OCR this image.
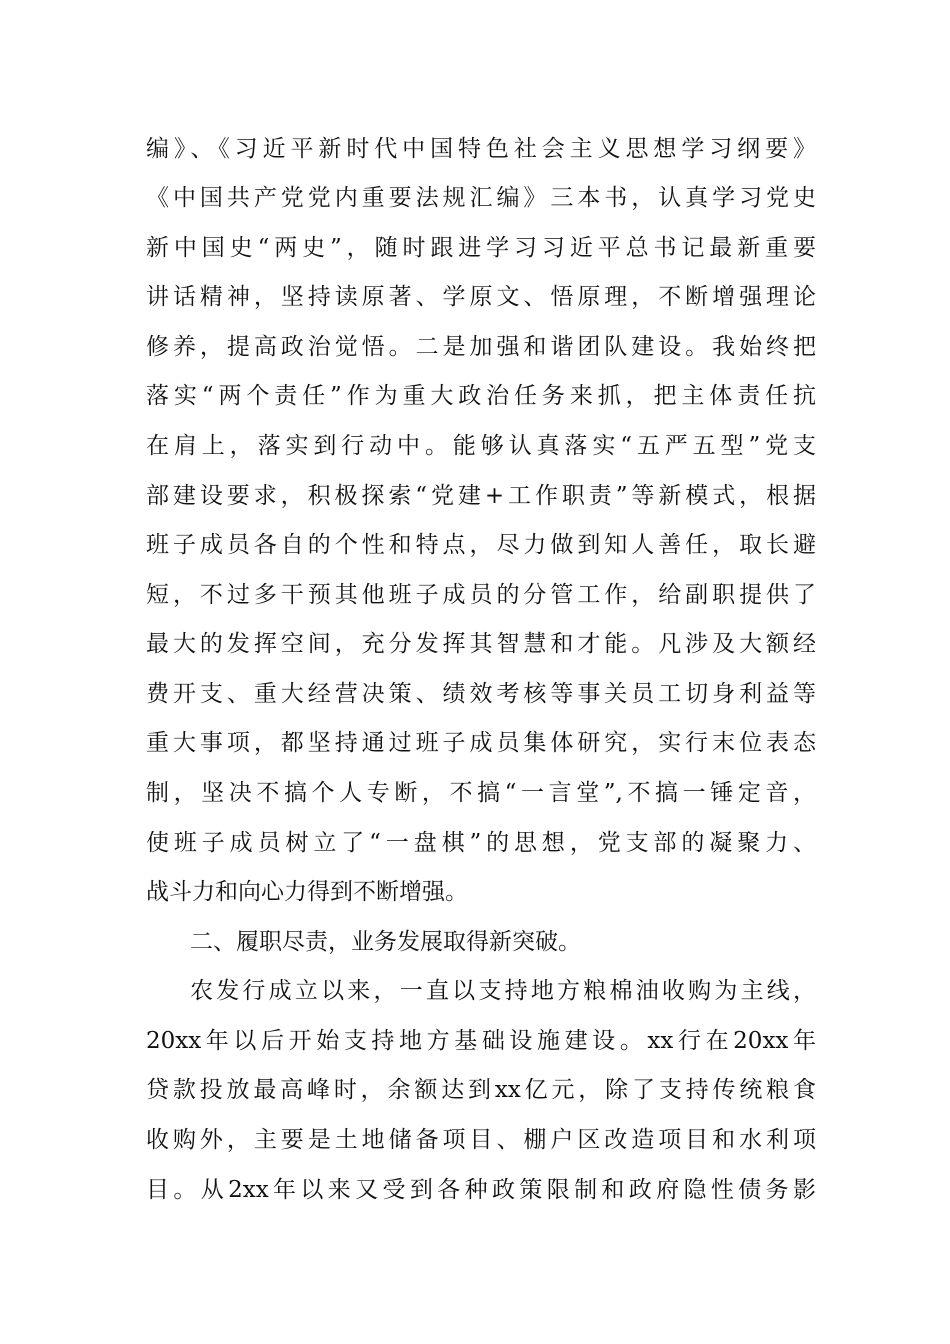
编》、《习近平新时代中国特色社会主义思想学习纲要》
《中国共产党党内重要法规汇编》三本书，认真学习党史
新中国史“两史”，随时跟进学习习近平总书记最新重要
讲话精神，坚持读原著、学原文、悟原理，不断增强理论
修养，提高政治觉悟。二是加强和谐团队建设。我始终把
落实“两个责任”作为重大政治任务来抓，把主体责任抗
在肩上，落实到行动中。能够认真落实“五严五型”党支
部建设要求，积极探索“党建+工作职责”等新模式，根据
班子成员各自的个性和特点，尽力做到知人善任，取长避
短，不过多干预其他班子成员的分管工作，给副职提供了
最大的发挥空间，充分发挥其智慧和才能。凡涉及大额经
费开支、重大经营决策、绩效考核等事关员工切身利益等
重大事项，都坚持通过班子成员集体研究，实行末位表态
制，坚决不搞个人专断，不搞“一言堂”,不搞一锤定音，
使班子成员树立了“一盘棋”的思想，党支部的凝聚力、
战斗力和向心力得到不断增强。
二、履职尽责，业务发展取得新突破。
农发行成立以来，一直以支持地方粮棉油收购为主线，
20xx年以后开始支持地方基础设施建设。xx行在20xx年
贷款投放最高峰时，余额达到xx亿元，除了支持传统粮食
收购外，主要是土地储备项目、棚户区改造项目和水利项
目。从2xx年以来又受到各种政策限制和政府隐性债务影
